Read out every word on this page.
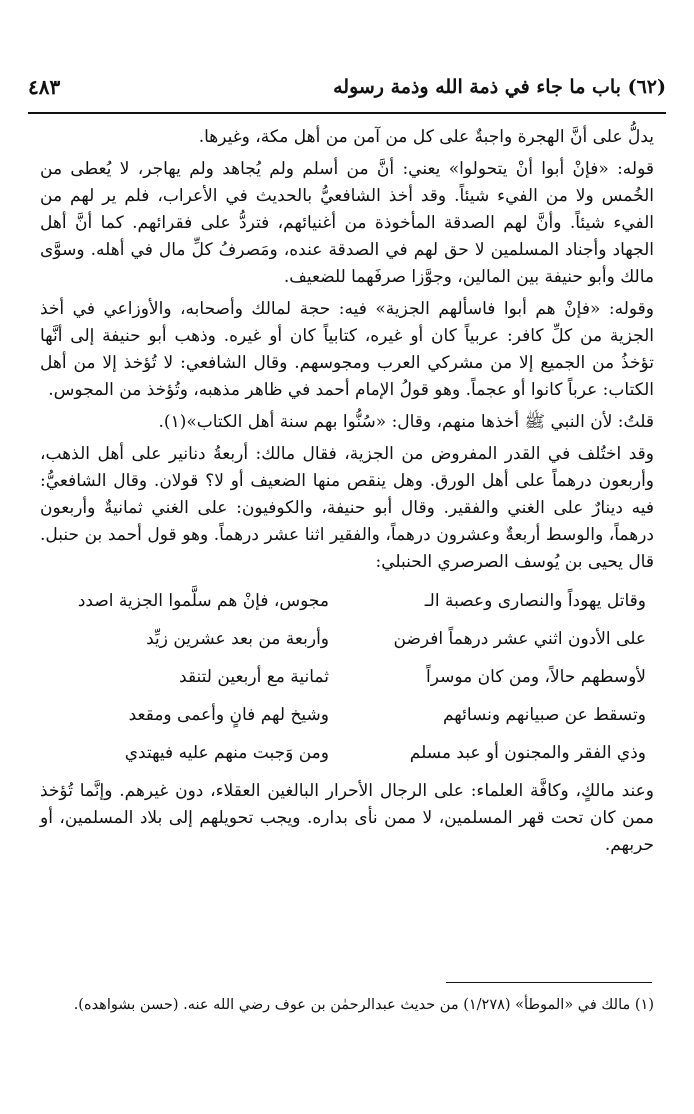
(٦٢) باب ما جاء في ذمة الله وذمة رسوله
٤٨٣

يدلُّ على أنَّ الهجرة واجبةٌ على كل من آمن من أهل مكة، وغيرها.

قوله: «فإنْ أبوا أنْ يتحولوا» يعني: أنَّ من أسلم ولم يُجاهد ولم يهاجر، لا يُعطى من الخُمس ولا من الفيء شيئاً. وقد أخذ الشافعيُّ بالحديث في الأعراب، فلم ير لهم من الفيء شيئاً. وأنَّ لهم الصدقة المأخوذة من أغنيائهم، فتردُّ على فقرائهم. كما أنَّ أهل الجهاد وأجناد المسلمين لا حق لهم في الصدقة عنده، ومَصرفُ كلِّ مال في أهله. وسوَّى مالك وأبو حنيفة بين المالين، وجوَّزا صرفَهما للضعيف.

وقوله: «فإنْ هم أبوا فاسألهم الجزية» فيه: حجة لمالك وأصحابه، والأوزاعي في أخذ الجزية من كلِّ كافر: عربياً كان أو غيره، كتابياً كان أو غيره. وذهب أبو حنيفة إلى أنَّها تؤخذُ من الجميع إلا من مشركي العرب ومجوسهم. وقال الشافعي: لا تُؤخذ إلا من أهل الكتاب: عرباً كانوا أو عجماً. وهو قولُ الإمام أحمد في ظاهر مذهبه، وتُؤخذ من المجوس.

قلتُ: لأن النبي ﷺ أخذها منهم، وقال: «سُنُّوا بهم سنة أهل الكتاب»(١).

وقد اختُلف في القدر المفروض من الجزية، فقال مالك: أربعةُ دنانير على أهل الذهب، وأربعون درهماً على أهل الورق. وهل ينقص منها الضعيف أو لا؟ قولان. وقال الشافعيُّ: فيه دينارٌ على الغني والفقير. وقال أبو حنيفة، والكوفيون: على الغني ثمانيةٌ وأربعون درهماً، والوسط أربعةٌ وعشرون درهماً، والفقير اثنا عشر درهماً. وهو قول أحمد بن حنبل. قال يحيى بن يُوسف الصرصري الحنبلي:

وقاتل يهوداً والنصارى وعصبة الـ
مجوس، فإنْ هم سلَّموا الجزية اصدد
على الأدون اثني عشر درهماً افرضن
وأربعة من بعد عشرين زيِّد
لأوسطهم حالاً، ومن كان موسراً
ثمانية مع أربعين لتنقد
وتسقط عن صبيانهم ونسائهم
وشيخ لهم فانٍ وأعمى ومقعد
وذي الفقر والمجنون أو عبد مسلم
ومن وَجبت منهم عليه فيهتدي

وعند مالكٍ، وكافَّة العلماء: على الرجال الأحرار البالغين العقلاء، دون غيرهم. وإنَّما تُؤخذ ممن كان تحت قهر المسلمين، لا ممن نأى بداره. ويجب تحويلهم إلى بلاد المسلمين، أو حربهم.

(١) مالك في «الموطأ» (١/٢٧٨) من حديث عبدالرحمٰن بن عوف رضي الله عنه. (حسن بشواهده).
